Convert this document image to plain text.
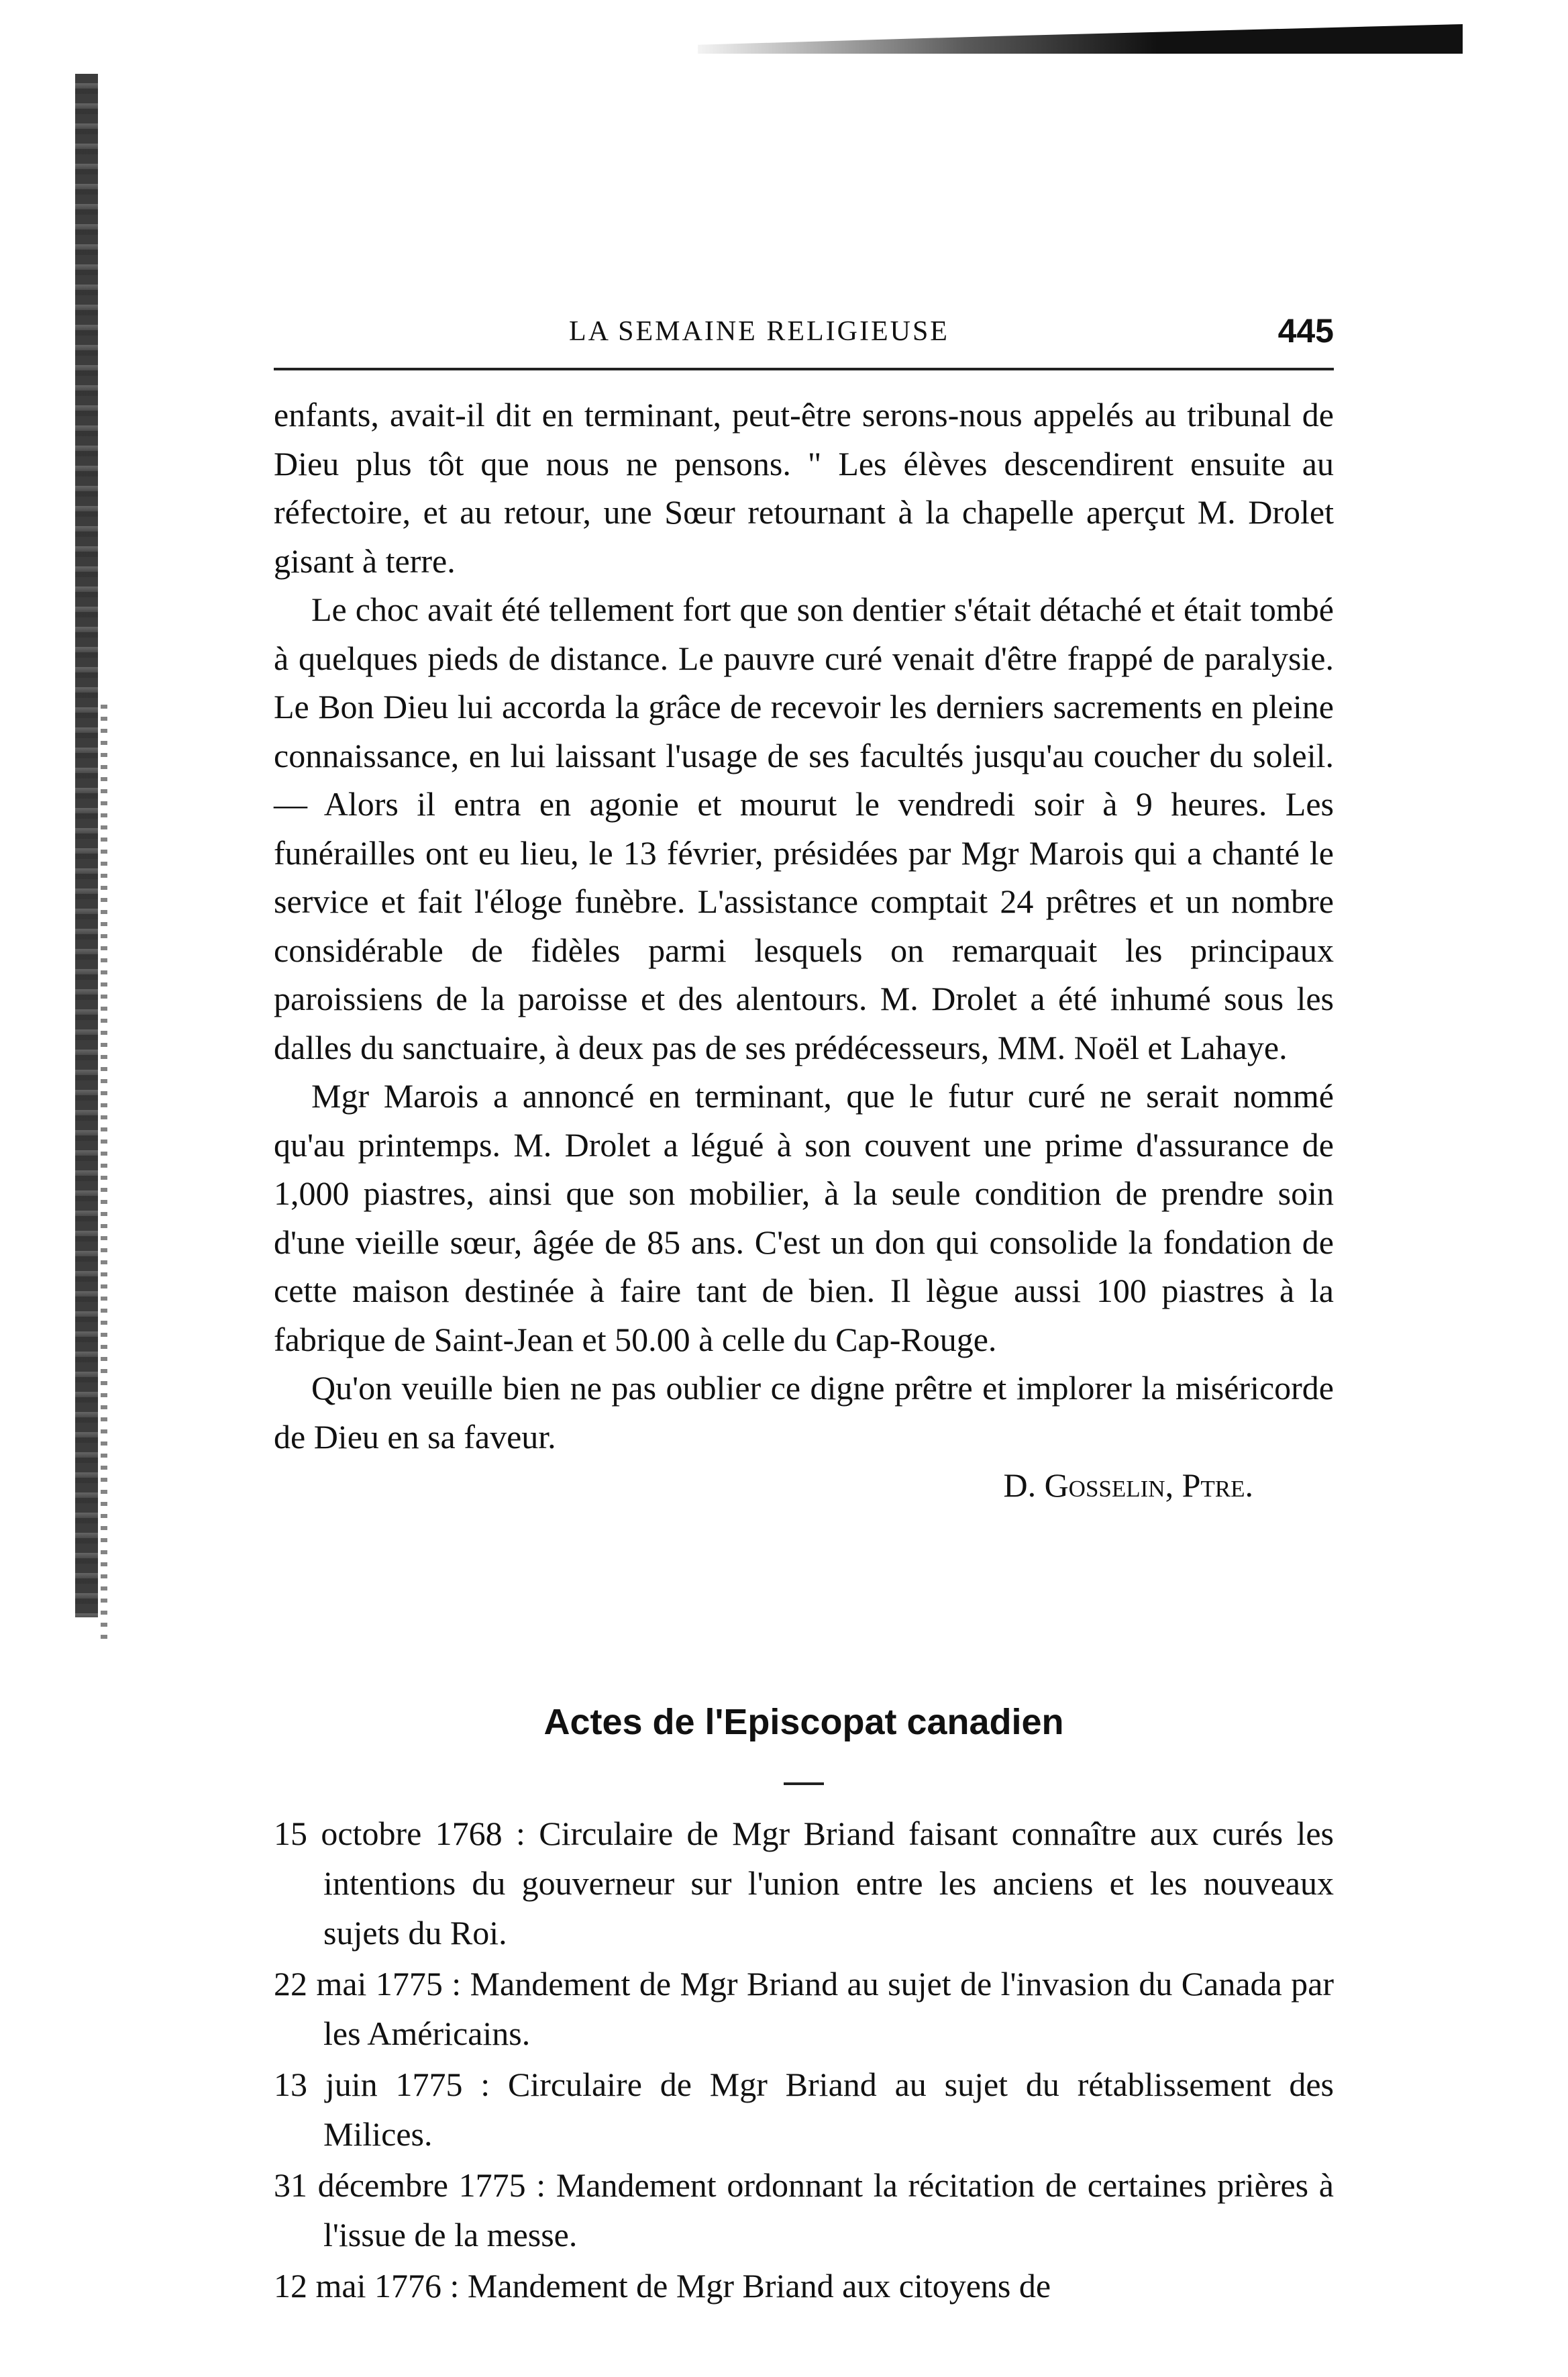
LA SEMAINE RELIGIEUSE	445

enfants, avait-il dit en terminant, peut-être serons-nous appelés au tribunal de Dieu plus tôt que nous ne pensons. " Les élèves descendirent ensuite au réfectoire, et au retour, une Sœur retournant à la chapelle aperçut M. Drolet gisant à terre.

Le choc avait été tellement fort que son dentier s'était détaché et était tombé à quelques pieds de distance. Le pauvre curé venait d'être frappé de paralysie. Le Bon Dieu lui accorda la grâce de recevoir les derniers sacrements en pleine connaissance, en lui laissant l'usage de ses facultés jusqu'au coucher du soleil. — Alors il entra en agonie et mourut le vendredi soir à 9 heures. Les funérailles ont eu lieu, le 13 février, présidées par Mgr Marois qui a chanté le service et fait l'éloge funèbre. L'assistance comptait 24 prêtres et un nombre considérable de fidèles parmi lesquels on remarquait les principaux paroissiens de la paroisse et des alentours. M. Drolet a été inhumé sous les dalles du sanctuaire, à deux pas de ses prédécesseurs, MM. Noël et Lahaye.

Mgr Marois a annoncé en terminant, que le futur curé ne serait nommé qu'au printemps. M. Drolet a légué à son couvent une prime d'assurance de 1,000 piastres, ainsi que son mobilier, à la seule condition de prendre soin d'une vieille sœur, âgée de 85 ans. C'est un don qui consolide la fondation de cette maison destinée à faire tant de bien. Il lègue aussi 100 piastres à la fabrique de Saint-Jean et 50.00 à celle du Cap-Rouge.

Qu'on veuille bien ne pas oublier ce digne prêtre et implorer la miséricorde de Dieu en sa faveur.

D. Gosselin, Ptre.

Actes de l'Episcopat canadien
15 octobre 1768 : Circulaire de Mgr Briand faisant connaître aux curés les intentions du gouverneur sur l'union entre les anciens et les nouveaux sujets du Roi.
22 mai 1775 : Mandement de Mgr Briand au sujet de l'invasion du Canada par les Américains.
13 juin 1775 : Circulaire de Mgr Briand au sujet du rétablissement des Milices.
31 décembre 1775 : Mandement ordonnant la récitation de certaines prières à l'issue de la messe.
12 mai 1776 : Mandement de Mgr Briand aux citoyens de
